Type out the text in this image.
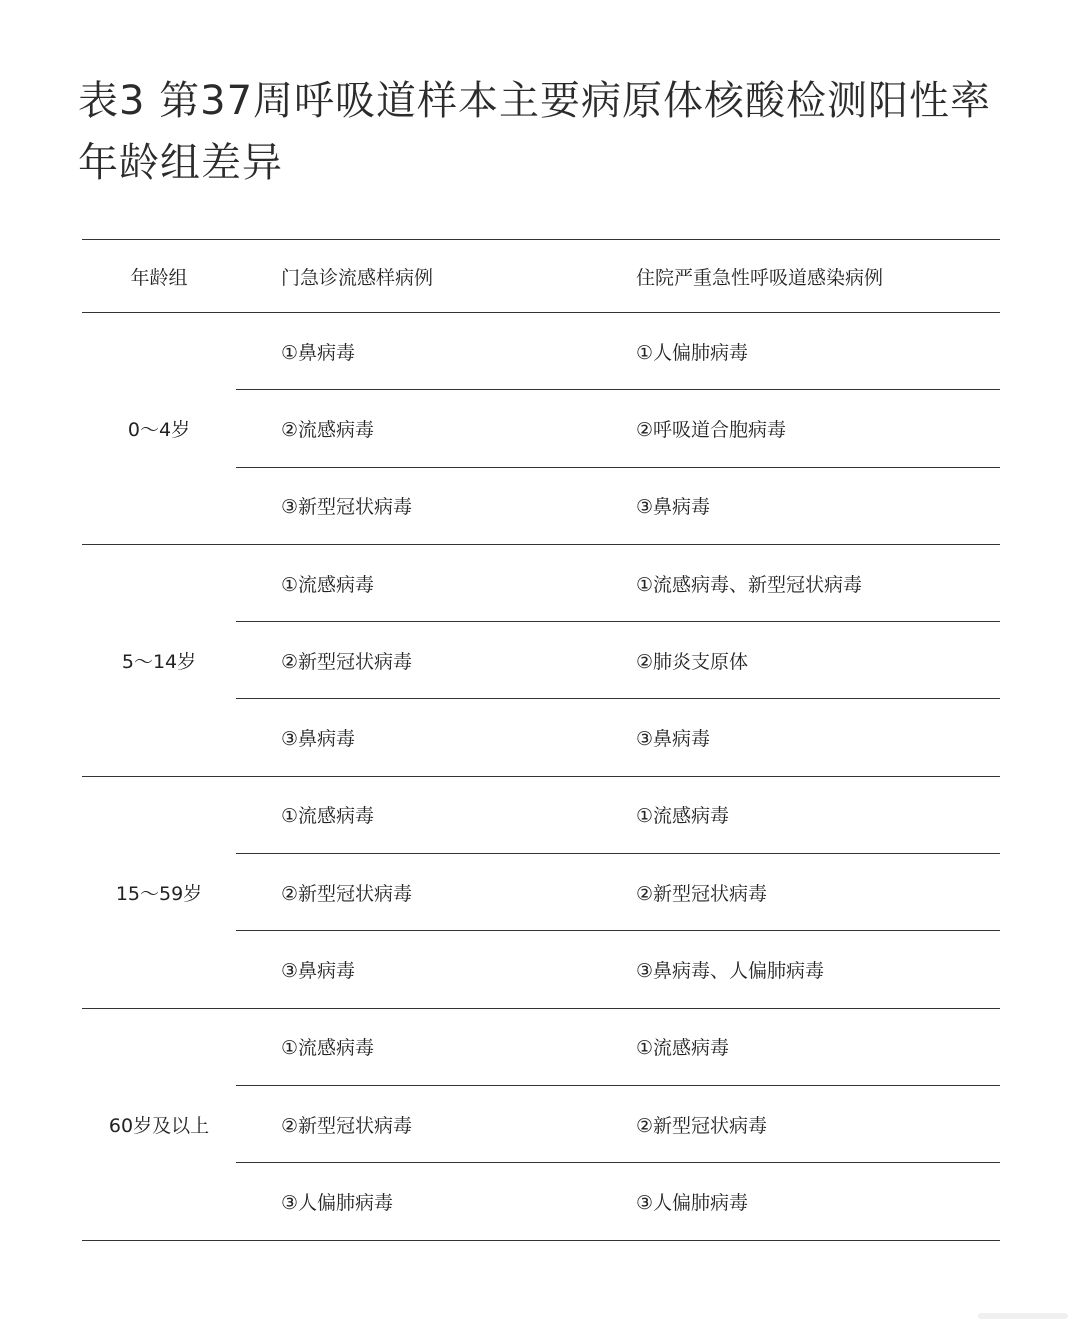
表3 第37周呼吸道样本主要病原体核酸检测阳性率年龄组差异
年龄组	门急诊流感样病例	住院严重急性呼吸道感染病例
0～4岁
①鼻病毒	①人偏肺病毒
②流感病毒	②呼吸道合胞病毒
③新型冠状病毒	③鼻病毒
5～14岁
①流感病毒	①流感病毒、新型冠状病毒
②新型冠状病毒	②肺炎支原体
③鼻病毒	③鼻病毒
15～59岁
①流感病毒	①流感病毒
②新型冠状病毒	②新型冠状病毒
③鼻病毒	③鼻病毒、人偏肺病毒
60岁及以上
①流感病毒	①流感病毒
②新型冠状病毒	②新型冠状病毒
③人偏肺病毒	③人偏肺病毒
